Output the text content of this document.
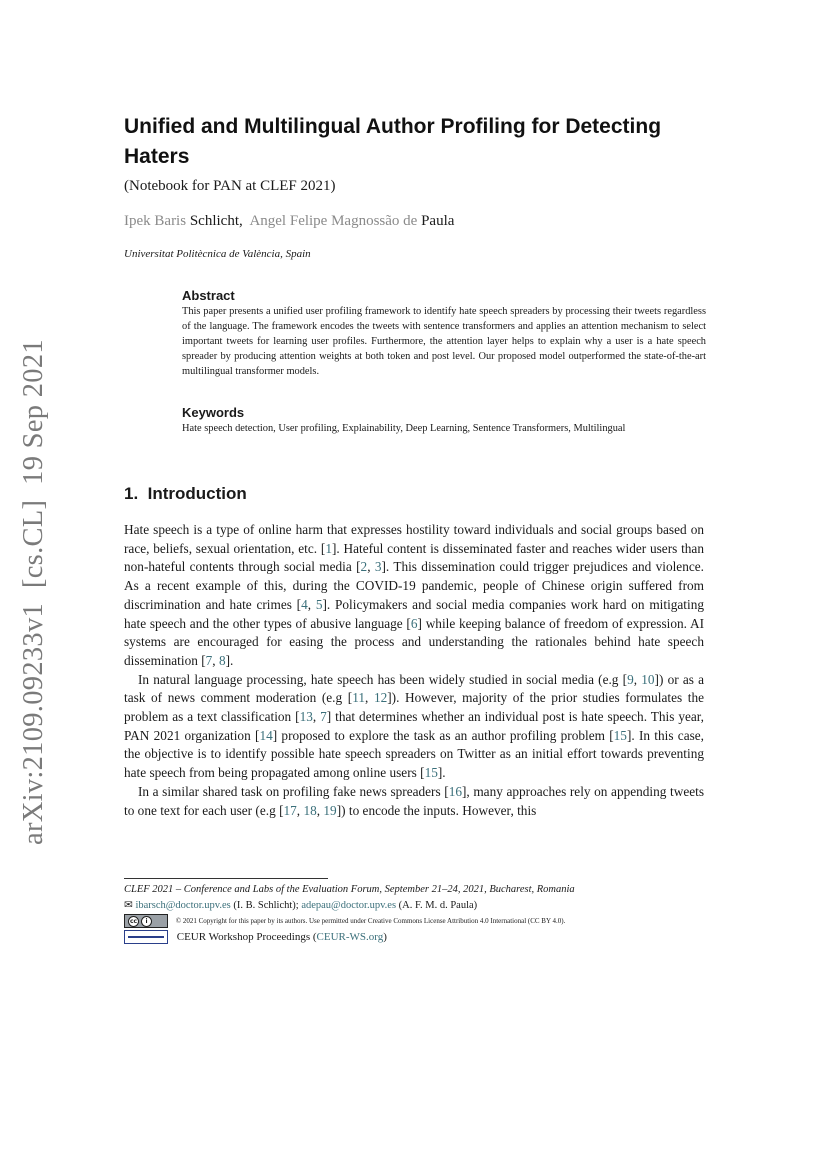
arXiv:2109.09233v1  [cs.CL]  19 Sep 2021
Unified and Multilingual Author Profiling for Detecting Haters
(Notebook for PAN at CLEF 2021)
Ipek Baris Schlicht,  Angel Felipe Magnossão de Paula
Universitat Politècnica de València, Spain
Abstract
This paper presents a unified user profiling framework to identify hate speech spreaders by processing their tweets regardless of the language. The framework encodes the tweets with sentence transformers and applies an attention mechanism to select important tweets for learning user profiles. Furthermore, the attention layer helps to explain why a user is a hate speech spreader by producing attention weights at both token and post level. Our proposed model outperformed the state-of-the-art multilingual transformer models.
Keywords
Hate speech detection, User profiling, Explainability, Deep Learning, Sentence Transformers, Multilingual
1. Introduction

Hate speech is a type of online harm that expresses hostility toward individuals and social groups based on race, beliefs, sexual orientation, etc. [1]. Hateful content is disseminated faster and reaches wider users than non-hateful contents through social media [2, 3]. This dissemination could trigger prejudices and violence. As a recent example of this, during the COVID-19 pandemic, people of Chinese origin suffered from discrimination and hate crimes [4, 5]. Policymakers and social media companies work hard on mitigating hate speech and the other types of abusive language [6] while keeping balance of freedom of expression. AI systems are encouraged for easing the process and understanding the rationales behind hate speech dissemination [7, 8].

In natural language processing, hate speech has been widely studied in social media (e.g [9, 10]) or as a task of news comment moderation (e.g [11, 12]). However, majority of the prior studies formulates the problem as a text classification [13, 7] that determines whether an individual post is hate speech. This year, PAN 2021 organization [14] proposed to explore the task as an author profiling problem [15]. In this case, the objective is to identify possible hate speech spreaders on Twitter as an initial effort towards preventing hate speech from being propagated among online users [15].

In a similar shared task on profiling fake news spreaders [16], many approaches rely on appending tweets to one text for each user (e.g [17, 18, 19]) to encode the inputs. However, this

CLEF 2021 – Conference and Labs of the Evaluation Forum, September 21–24, 2021, Bucharest, Romania
✉ ibarsch@doctor.upv.es (I. B. Schlicht); adepau@doctor.upv.es (A. F. M. d. Paula)
cc	i	© 2021 Copyright for this paper by its authors. Use permitted under Creative Commons License Attribution 4.0 International (CC BY 4.0).
CEUR Workshop Proceedings (CEUR-WS.org)
